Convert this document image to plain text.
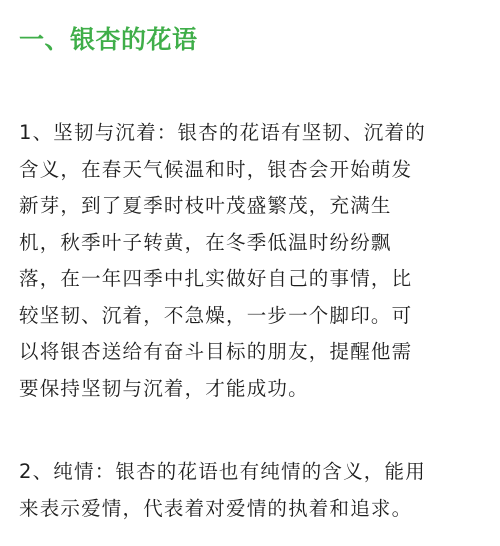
一、银杏的花语
1、坚韧与沉着：银杏的花语有坚韧、沉着的
含义，在春天气候温和时，银杏会开始萌发
新芽，到了夏季时枝叶茂盛繁茂，充满生
机，秋季叶子转黄，在冬季低温时纷纷飘
落，在一年四季中扎实做好自己的事情，比
较坚韧、沉着，不急燥，一步一个脚印。可
以将银杏送给有奋斗目标的朋友，提醒他需
要保持坚韧与沉着，才能成功。
2、纯情：银杏的花语也有纯情的含义，能用
来表示爱情，代表着对爱情的执着和追求。
